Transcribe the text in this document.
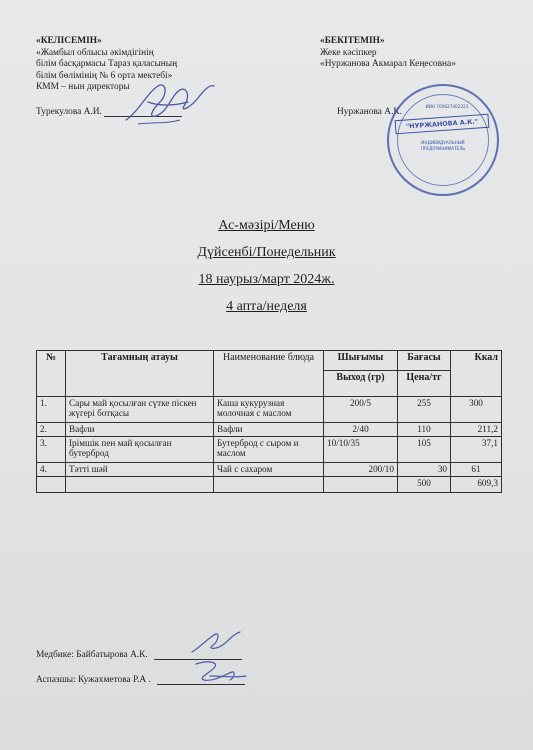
«КЕЛІСЕМІН»
«Жамбыл облысы әкімдігінің
білім басқармасы Тараз қаласының
білім бөлімінің № 6 орта мектебі»
КММ – нын директоры
Турекулова А.И.
«БЕКІТЕМІН»
Жеке кәсіпкер
«Нуржанова Акмарал Кеңесовна»
Нуржанова А.К.
ИИН 700627402323
"НУРЖАНОВА А.К."
ИНДИВИДУАЛЬНЫЙ
ПРЕДПРИНИМАТЕЛЬ
Ас-мәзірі/Меню
Дүйсенбі/Понедельник
18 наурыз/март 2024ж.
4 апта/неделя
№	Тағамның атауы	Наименование блюда	Шығымы	Бағасы	Ккал
			Выход (гр)	Цена/тг	
1.	Сары май қосылған сүтке піскен жүгері ботқасы	Каша кукурузная молочная с маслом	200/5	255	300
2.	Вафли	Вафли	2/40	110	211,2
3.	Ірімшік пен май қосылған бутерброд	Бутерброд с сыром и маслом	10/10/35	105	37,1
4.	Тәтті шәй	Чай с сахаром	200/10	30	61
				500	609,3
Медбике: Байбатырова А.К.
Аспазшы: Кужахметова Р.А .
